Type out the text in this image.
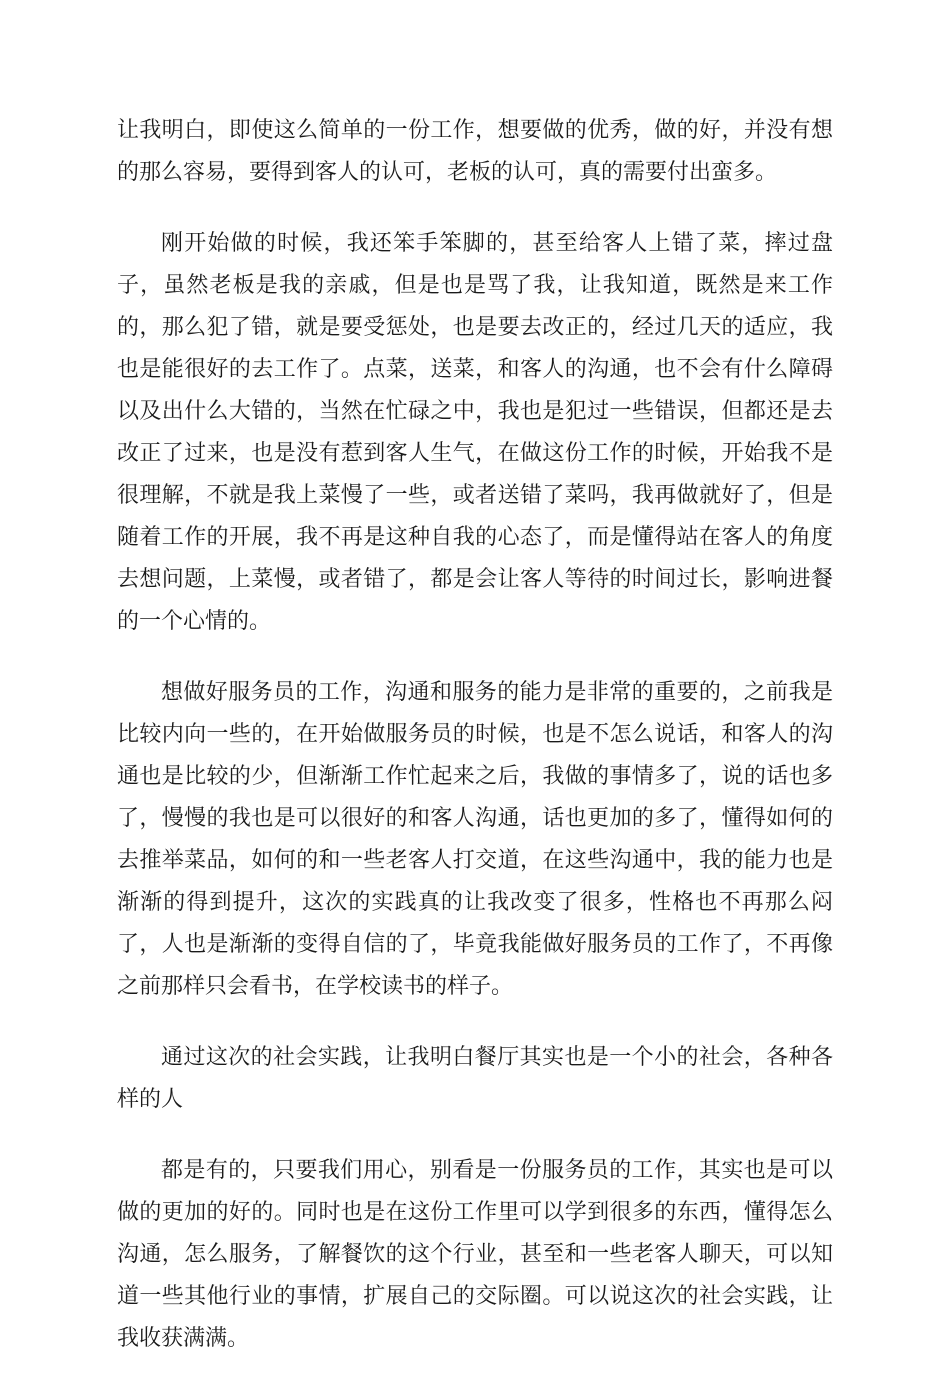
让我明白，即使这么简单的一份工作，想要做的优秀，做的好，并没有想的那么容易，要得到客人的认可，老板的认可，真的需要付出蛮多。

刚开始做的时候，我还笨手笨脚的，甚至给客人上错了菜，摔过盘子，虽然老板是我的亲戚，但是也是骂了我，让我知道，既然是来工作的，那么犯了错，就是要受惩处，也是要去改正的，经过几天的适应，我也是能很好的去工作了。点菜，送菜，和客人的沟通，也不会有什么障碍以及出什么大错的，当然在忙碌之中，我也是犯过一些错误，但都还是去改正了过来，也是没有惹到客人生气，在做这份工作的时候，开始我不是很理解，不就是我上菜慢了一些，或者送错了菜吗，我再做就好了，但是随着工作的开展，我不再是这种自我的心态了，而是懂得站在客人的角度去想问题，上菜慢，或者错了，都是会让客人等待的时间过长，影响进餐的一个心情的。

想做好服务员的工作，沟通和服务的能力是非常的重要的，之前我是比较内向一些的，在开始做服务员的时候，也是不怎么说话，和客人的沟通也是比较的少，但渐渐工作忙起来之后，我做的事情多了，说的话也多了，慢慢的我也是可以很好的和客人沟通，话也更加的多了，懂得如何的去推举菜品，如何的和一些老客人打交道，在这些沟通中，我的能力也是渐渐的得到提升，这次的实践真的让我改变了很多，性格也不再那么闷了，人也是渐渐的变得自信的了，毕竟我能做好服务员的工作了，不再像之前那样只会看书，在学校读书的样子。

通过这次的社会实践，让我明白餐厅其实也是一个小的社会，各种各样的人

都是有的，只要我们用心，别看是一份服务员的工作，其实也是可以做的更加的好的。同时也是在这份工作里可以学到很多的东西，懂得怎么沟通，怎么服务，了解餐饮的这个行业，甚至和一些老客人聊天，可以知道一些其他行业的事情，扩展自己的交际圈。可以说这次的社会实践，让我收获满满。
